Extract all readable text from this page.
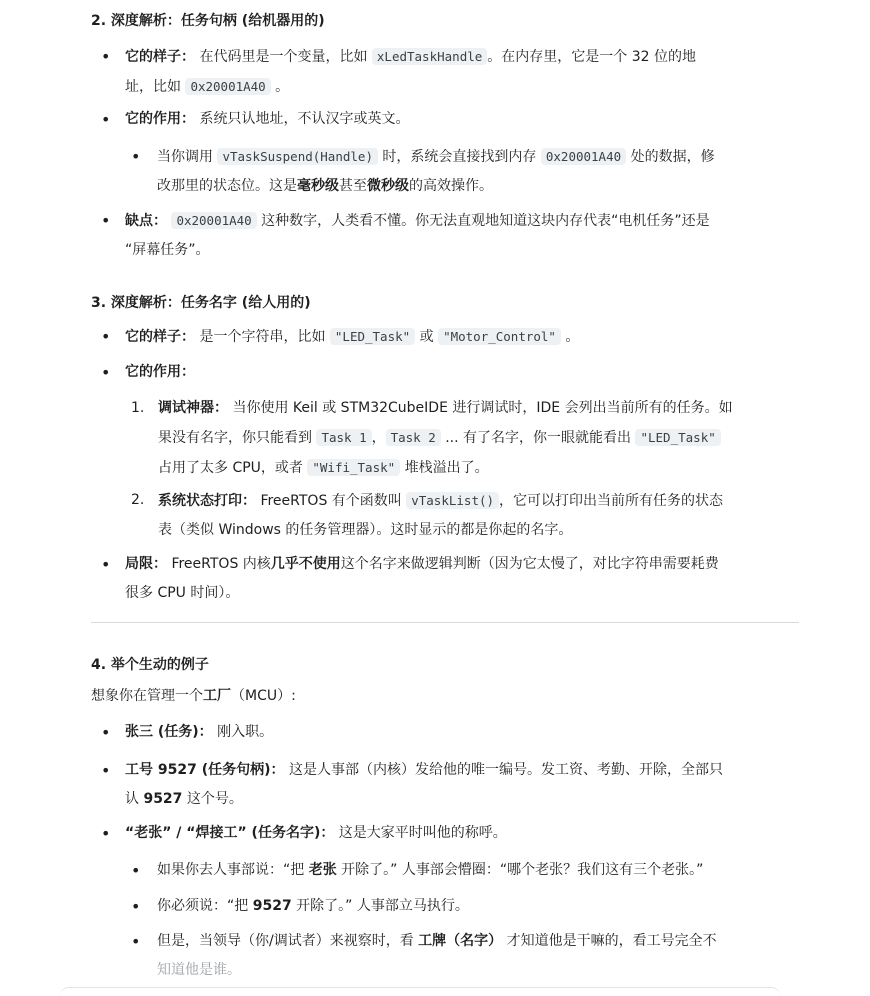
2. 深度解析：任务句柄 (给机器用的)
• 它的样子： 在代码里是一个变量，比如 xLedTaskHandle 。在内存里，它是一个 32 位的地
址，比如 0x20001A40 。
• 它的作用： 系统只认地址，不认汉字或英文。
• 当你调用 vTaskSuspend(Handle) 时，系统会直接找到内存 0x20001A40 处的数据，修
改那里的状态位。这是毫秒级甚至微秒级的高效操作。
• 缺点： 0x20001A40 这种数字，人类看不懂。你无法直观地知道这块内存代表“电机任务”还是
“屏幕任务”。
3. 深度解析：任务名字 (给人用的)
• 它的样子： 是一个字符串，比如 "LED_Task" 或 "Motor_Control" 。
• 它的作用：
1. 调试神器： 当你使用 Keil 或 STM32CubeIDE 进行调试时，IDE 会列出当前所有的任务。如
果没有名字，你只能看到 Task 1 ， Task 2 ... 有了名字，你一眼就能看出 "LED_Task"
占用了太多 CPU，或者 "Wifi_Task" 堆栈溢出了。
2. 系统状态打印： FreeRTOS 有个函数叫 vTaskList() ，它可以打印出当前所有任务的状态
表（类似 Windows 的任务管理器）。这时显示的都是你起的名字。
• 局限： FreeRTOS 内核几乎不使用这个名字来做逻辑判断（因为它太慢了，对比字符串需要耗费
很多 CPU 时间）。
4. 举个生动的例子

想象你在管理一个工厂（MCU）:

• 张三 (任务)： 刚入职。
• 工号 9527 (任务句柄)： 这是人事部（内核）发给他的唯一编号。发工资、考勤、开除，全部只
认 9527 这个号。
• “老张” / “焊接工” (任务名字)： 这是大家平时叫他的称呼。
• 如果你去人事部说：“把 老张 开除了。” 人事部会懵圈：“哪个老张？我们这有三个老张。”
• 你必须说：“把 9527 开除了。” 人事部立马执行。
• 但是，当领导（你/调试者）来视察时，看 工牌（名字） 才知道他是干嘛的，看工号完全不
知道他是谁。
